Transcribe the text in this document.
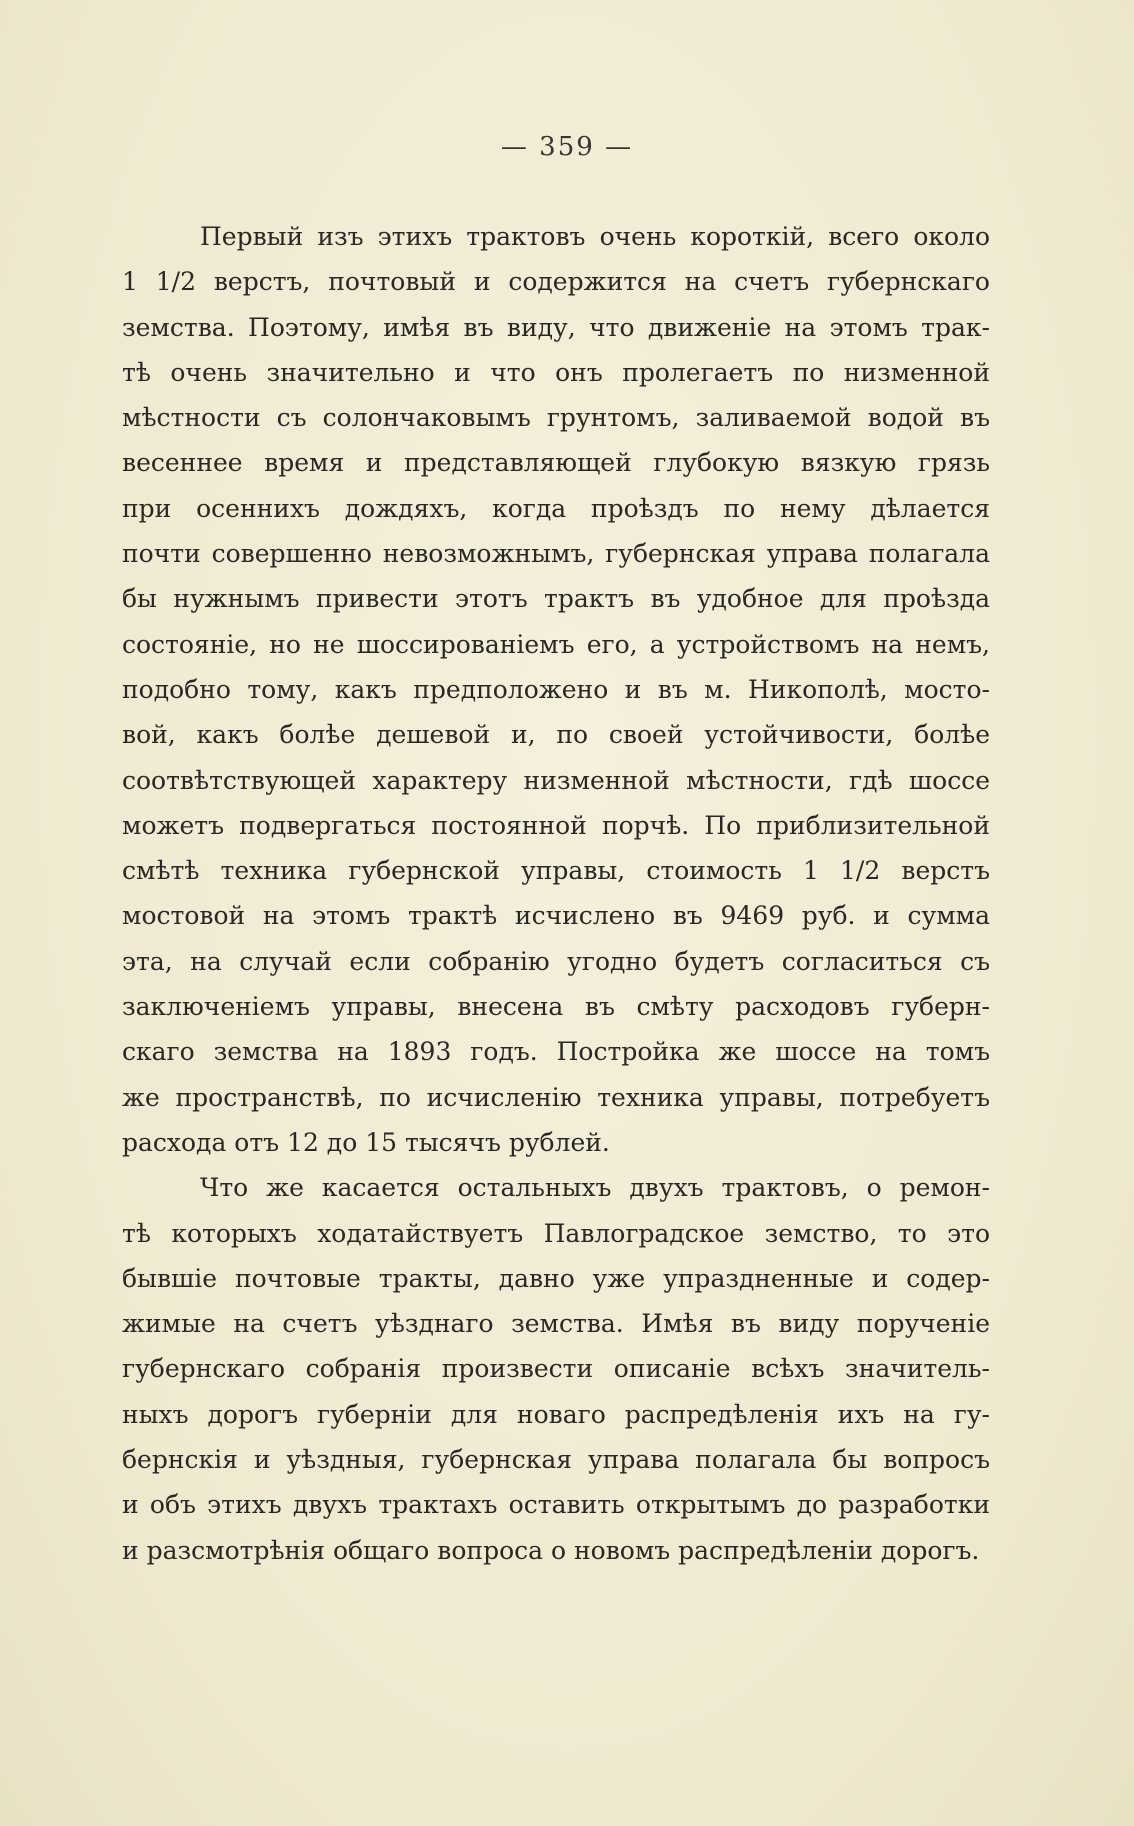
— 359 —
Первый изъ этихъ трактовъ очень короткій, всего около
1 1/2 верстъ, почтовый и содержится на счетъ губернскаго
земства. Поэтому, имѣя въ виду, что движеніе на этомъ трак-
тѣ очень значительно и что онъ пролегаетъ по низменной
мѣстности съ солончаковымъ грунтомъ, заливаемой водой въ
весеннее время и представляющей глубокую вязкую грязь
при осеннихъ дождяхъ, когда проѣздъ по нему дѣлается
почти совершенно невозможнымъ, губернская управа полагала
бы нужнымъ привести этотъ трактъ въ удобное для проѣзда
состояніе, но не шоссированіемъ его, а устройствомъ на немъ,
подобно тому, какъ предположено и въ м. Никополѣ, мосто-
вой, какъ болѣе дешевой и, по своей устойчивости, болѣе
соотвѣтствующей характеру низменной мѣстности, гдѣ шоссе
можетъ подвергаться постоянной порчѣ. По приблизительной
смѣтѣ техника губернской управы, стоимость 1 1/2 верстъ
мостовой на этомъ трактѣ исчислено въ 9469 руб. и сумма
эта, на случай если собранію угодно будетъ согласиться съ
заключеніемъ управы, внесена въ смѣту расходовъ губерн-
скаго земства на 1893 годъ. Постройка же шоссе на томъ
же пространствѣ, по исчисленію техника управы, потребуетъ
расхода отъ 12 до 15 тысячъ рублей.
Что же касается остальныхъ двухъ трактовъ, о ремон-
тѣ которыхъ ходатайствуетъ Павлоградское земство, то это
бывшіе почтовые тракты, давно уже упраздненные и содер-
жимые на счетъ уѣзднаго земства. Имѣя въ виду порученіе
губернскаго собранія произвести описаніе всѣхъ значитель-
ныхъ дорогъ губерніи для новаго распредѣленія ихъ на гу-
бернскія и уѣздныя, губернская управа полагала бы вопросъ
и объ этихъ двухъ трактахъ оставить открытымъ до разработки
и разсмотрѣнія общаго вопроса о новомъ распредѣленіи дорогъ.
